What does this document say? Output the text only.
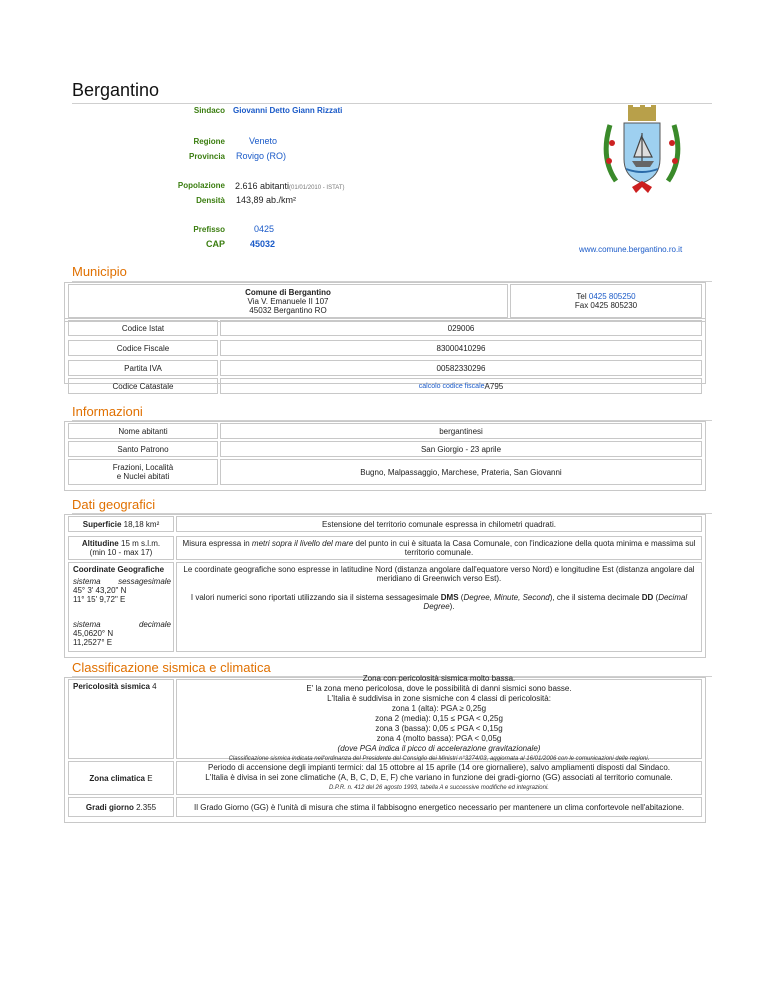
Bergantino
Sindaco Giovanni Detto Giann Rizzati
Regione	Veneto
Provincia Rovigo (RO)
Popolazione 2.616 abitanti(01/01/2010 - ISTAT)
Densità 143,89 ab./km²
Prefisso	0425
CAP	45032
www.comune.bergantino.ro.it
Municipio
Comune di Bergantino
Via V. Emanuele II 107
45032 Bergantino RO
Tel 0425 805250
Fax 0425 805230
Codice Istat	029006
Codice Fiscale	83000410296
Partita IVA	00582330296
Codice Catastale	calcolo codice fiscale A795
Informazioni
Nome abitanti	bergantinesi
Santo Patrono	San Giorgio - 23 aprile
Frazioni, Località
e Nuclei abitati	Bugno, Malpassaggio, Marchese, Prateria, San Giovanni
Dati geografici
Superficie
18,18 km²	Estensione del territorio comunale espressa in chilometri quadrati.
Altitudine 15 m s.l.m.
(min 10 - max 17)
Misura espressa in metri sopra il livello del mare del punto in cui è situata la Casa Comunale, con l'indicazione della quota minima e massima sul territorio comunale.
Coordinate Geografiche
sistema sessagesimale
45° 3' 43,20" N
11° 15' 9,72" E
sistema	decimale
45,0620° N
11,2527° E
Le coordinate geografiche sono espresse in latitudine Nord (distanza angolare dall'equatore verso Nord) e longitudine Est (distanza angolare dal meridiano di Greenwich verso Est).
I valori numerici sono riportati utilizzando sia il sistema sessagesimale DMS (Degree, Minute, Second), che il sistema decimale DD (Decimal Degree).
Classificazione sismica e climatica
Pericolosità sismica 4
Zona con pericolosità sismica molto bassa.
E' la zona meno pericolosa, dove le possibilità di danni sismici sono basse.
L'Italia è suddivisa in zone sismiche con 4 classi di pericolosità:
zona 1 (alta): PGA ≥ 0,25g
zona 2 (media): 0,15 ≤ PGA < 0,25g
zona 3 (bassa): 0,05 ≤ PGA < 0,15g
zona 4 (molto bassa): PGA < 0,05g
(dove PGA indica il picco di accelerazione gravitazionale)
Classificazione sismica indicata nell'ordinanza del Presidente del Consiglio dei Ministri n°3274/03, aggiornata al 16/01/2006 con le comunicazioni delle regioni.
Zona climatica
E
Periodo di accensione degli impianti termici: dal 15 ottobre al 15 aprile (14 ore giornaliere), salvo ampliamenti disposti dal Sindaco.
L'Italia è divisa in sei zone climatiche (A, B, C, D, E, F) che variano in funzione dei gradi-giorno (GG) associati al territorio comunale.
D.P.R. n. 412 del 26 agosto 1993, tabella A e successive modifiche ed integrazioni.
Gradi giorno
2.355	Il Grado Giorno (GG) è l'unità di misura che stima il fabbisogno energetico necessario per mantenere un clima confortevole nell'abitazione.
